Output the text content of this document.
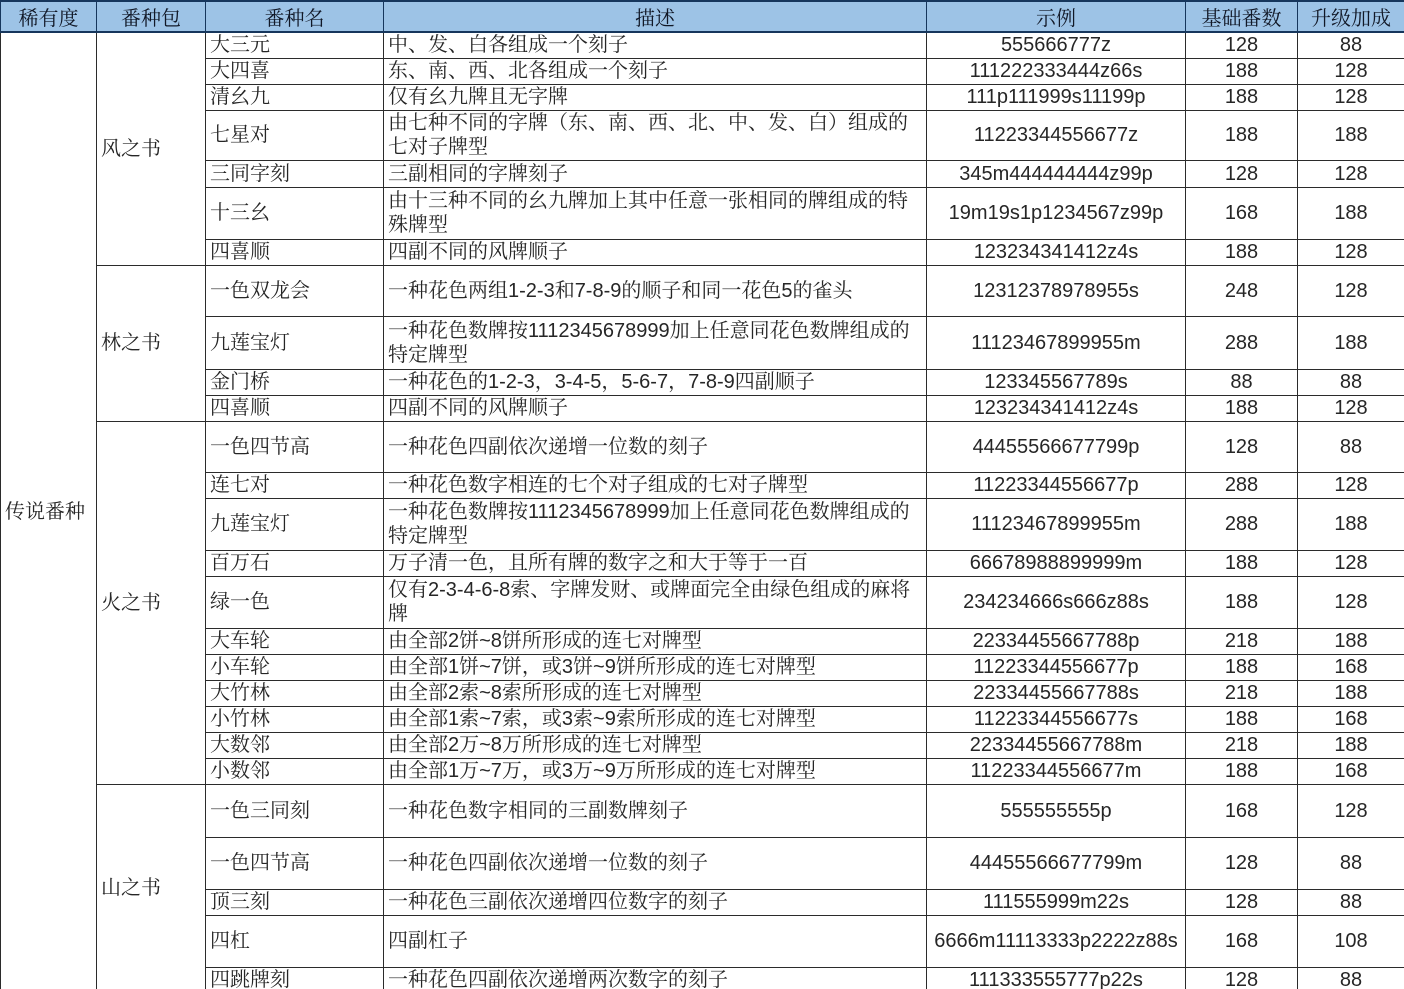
稀有度	番种包	番种名	描述	示例	基础番数	升级加成
传说番种	风之书	大三元	中、发、白各组成一个刻子	555666777z	128	88
		大四喜	东、南、西、北各组成一个刻子	111222333444z66s	188	128
		清幺九	仅有幺九牌且无字牌	111p111999s11199p	188	128
		七星对	由七种不同的字牌（东、南、西、北、中、发、白）组成的七对子牌型	11223344556677z	188	188
		三同字刻	三副相同的字牌刻子	345m444444444z99p	128	128
		十三幺	由十三种不同的幺九牌加上其中任意一张相同的牌组成的特殊牌型	19m19s1p1234567z99p	168	188
		四喜顺	四副不同的风牌顺子	123234341412z4s	188	128
	林之书	一色双龙会	一种花色两组1-2-3和7-8-9的顺子和同一花色5的雀头	12312378978955s	248	128
		九莲宝灯	一种花色数牌按1112345678999加上任意同花色数牌组成的特定牌型	11123467899955m	288	188
		金门桥	一种花色的1-2-3，3-4-5，5-6-7，7-8-9四副顺子	123345567789s	88	88
		四喜顺	四副不同的风牌顺子	123234341412z4s	188	128
	火之书	一色四节高	一种花色四副依次递增一位数的刻子	44455566677799p	128	88
		连七对	一种花色数字相连的七个对子组成的七对子牌型	11223344556677p	288	128
		九莲宝灯	一种花色数牌按1112345678999加上任意同花色数牌组成的特定牌型	11123467899955m	288	188
		百万石	万子清一色，且所有牌的数字之和大于等于一百	66678988899999m	188	128
		绿一色	仅有2-3-4-6-8索、字牌发财、或牌面完全由绿色组成的麻将牌	234234666s666z88s	188	128
		大车轮	由全部2饼~8饼所形成的连七对牌型	22334455667788p	218	188
		小车轮	由全部1饼~7饼，或3饼~9饼所形成的连七对牌型	11223344556677p	188	168
		大竹林	由全部2索~8索所形成的连七对牌型	22334455667788s	218	188
		小竹林	由全部1索~7索，或3索~9索所形成的连七对牌型	11223344556677s	188	168
		大数邻	由全部2万~8万所形成的连七对牌型	22334455667788m	218	188
		小数邻	由全部1万~7万，或3万~9万所形成的连七对牌型	11223344556677m	188	168
	山之书	一色三同刻	一种花色数字相同的三副数牌刻子	555555555p	168	128
		一色四节高	一种花色四副依次递增一位数的刻子	44455566677799m	128	88
		顶三刻	一种花色三副依次递增四位数字的刻子	111555999m22s	128	88
		四杠	四副杠子	6666m11113333p2222z88s	168	108
		四跳牌刻	一种花色四副依次递增两次数字的刻子	111333555777p22s	128	88
